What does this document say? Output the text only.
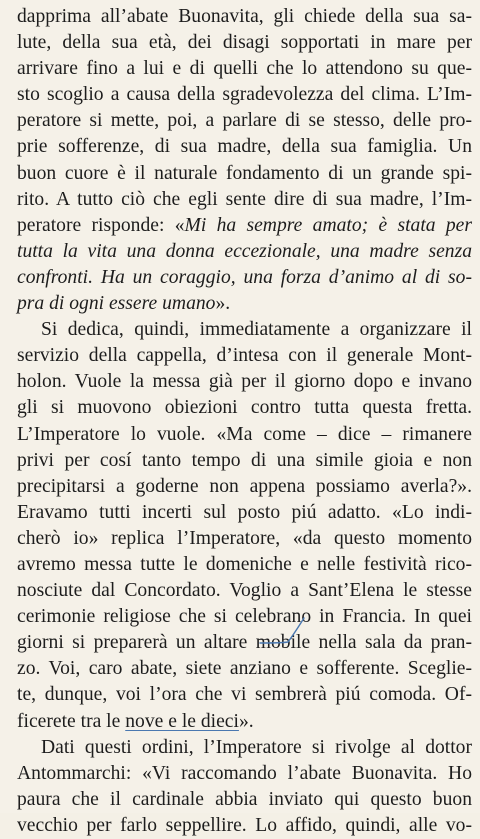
dapprima all’abate Buonavita, gli chiede della sua sa-
lute, della sua età, dei disagi sopportati in mare per
arrivare fino a lui e di quelli che lo attendono su que-
sto scoglio a causa della sgradevolezza del clima. L’Im-
peratore si mette, poi, a parlare di se stesso, delle pro-
prie sofferenze, di sua madre, della sua famiglia. Un
buon cuore è il naturale fondamento di un grande spi-
rito. A tutto ciò che egli sente dire di sua madre, l’Im-
peratore risponde: «Mi ha sempre amato; è stata per
tutta la vita una donna eccezionale, una madre senza
confronti. Ha un coraggio, una forza d’animo al di so-
pra di ogni essere umano».
Si dedica, quindi, immediatamente a organizzare il
servizio della cappella, d’intesa con il generale Mont-
holon. Vuole la messa già per il giorno dopo e invano
gli si muovono obiezioni contro tutta questa fretta.
L’Imperatore lo vuole. «Ma come – dice – rimanere
privi per cosí tanto tempo di una simile gioia e non
precipitarsi a goderne non appena possiamo averla?».
Eravamo tutti incerti sul posto piú adatto. «Lo indi-
cherò io» replica l’Imperatore, «da questo momento
avremo messa tutte le domeniche e nelle festività rico-
nosciute dal Concordato. Voglio a Sant’Elena le stesse
cerimonie religiose che si celebrano in Francia. In quei
giorni si preparerà un altare mobile nella sala da pran-
zo. Voi, caro abate, siete anziano e sofferente. Sceglie-
te, dunque, voi l’ora che vi sembrerà piú comoda. Of-
ficerete tra le nove e le dieci».
Dati questi ordini, l’Imperatore si rivolge al dottor
Antommarchi: «Vi raccomando l’abate Buonavita. Ho
paura che il cardinale abbia inviato qui questo buon
vecchio per farlo seppellire. Lo affido, quindi, alle vo-
